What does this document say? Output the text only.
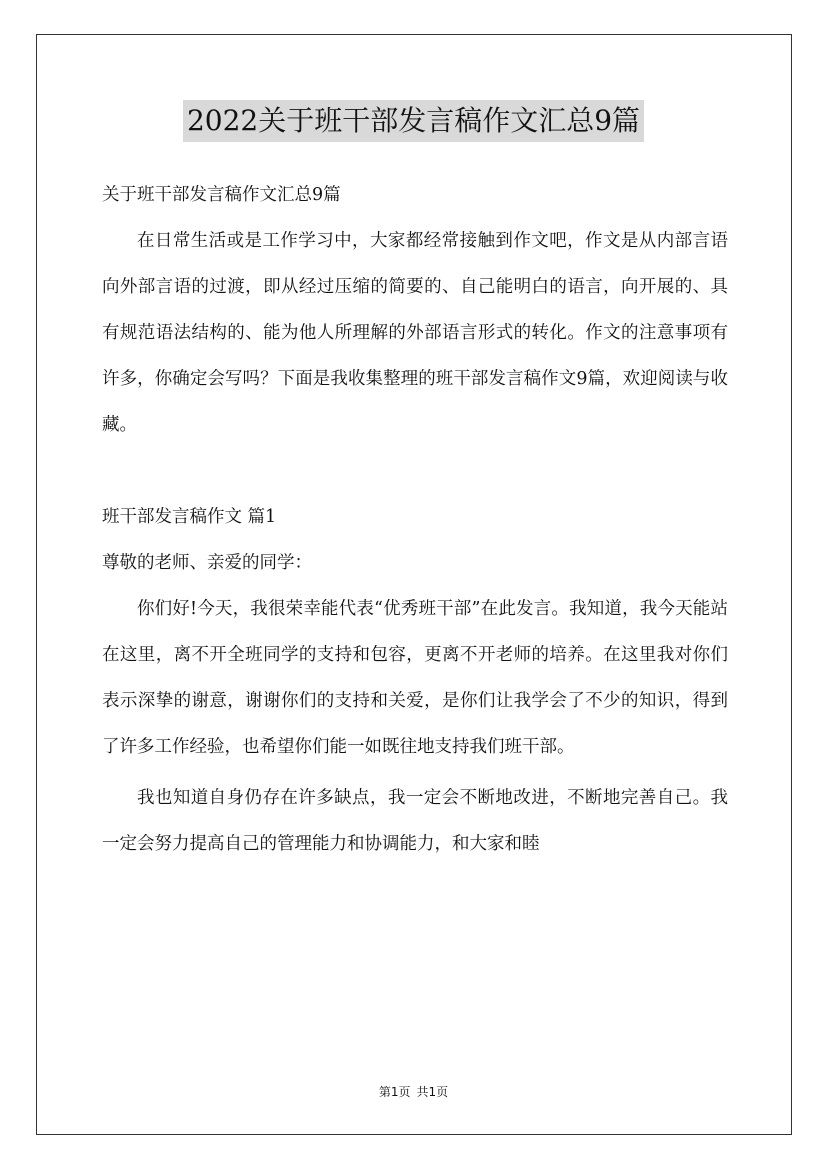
2022关于班干部发言稿作文汇总9篇

关于班干部发言稿作文汇总9篇

在日常生活或是工作学习中，大家都经常接触到作文吧，作文是从内部言语向外部言语的过渡，即从经过压缩的简要的、自己能明白的语言，向开展的、具有规范语法结构的、能为他人所理解的外部语言形式的转化。作文的注意事项有许多，你确定会写吗？下面是我收集整理的班干部发言稿作文9篇，欢迎阅读与收藏。

班干部发言稿作文 篇1

尊敬的老师、亲爱的同学：

你们好!今天，我很荣幸能代表“优秀班干部”在此发言。我知道，我今天能站在这里，离不开全班同学的支持和包容，更离不开老师的培养。在这里我对你们表示深挚的谢意，谢谢你们的支持和关爱，是你们让我学会了不少的知识，得到了许多工作经验，也希望你们能一如既往地支持我们班干部。

我也知道自身仍存在许多缺点，我一定会不断地改进，不断地完善自己。我一定会努力提高自己的管理能力和协调能力，和大家和睦

第1页 共1页
